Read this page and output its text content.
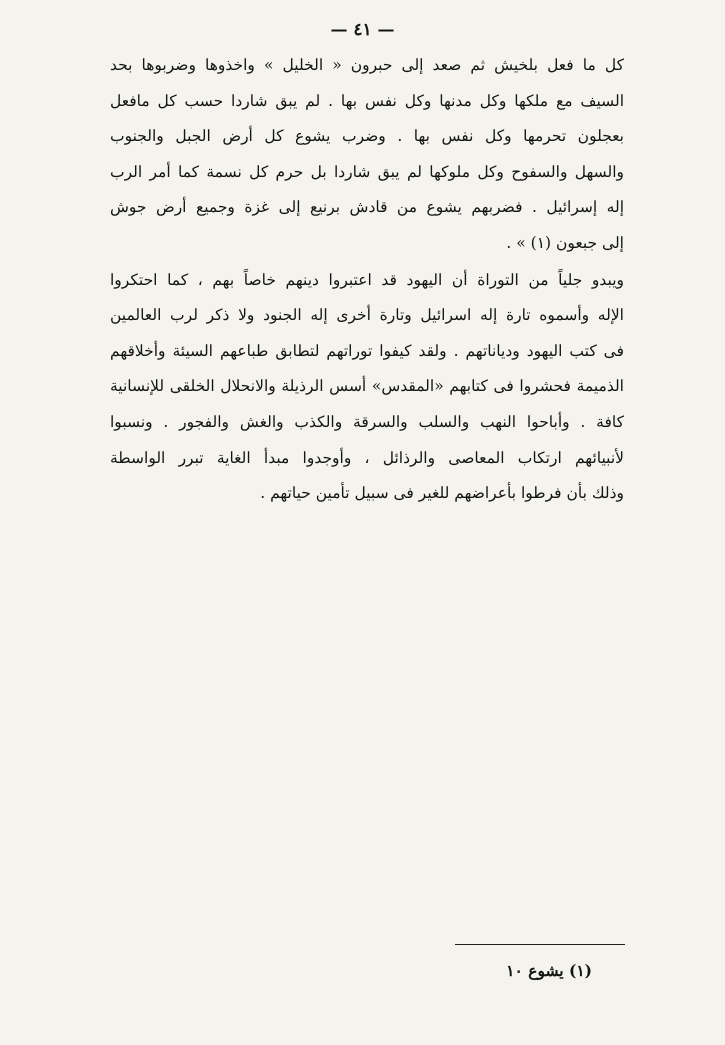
— ٤١ —
كل ما فعل بلخيش ثم صعد إلى حبرون « الخليل » واخذوها وضربوها بحد
السيف مع ملكها وكل مدنها وكل نفس بها . لم يبق شاردا حسب كل مافعل
بعجلون تحرمها وكل نفس بها . وضرب يشوع كل أرض الجبل والجنوب
والسهل والسفوح وكل ملوكها لم يبق شاردا بل حرم كل نسمة كما أمر الرب
إله إسرائيل . فضربهم يشوع من قادش برنيع إلى غزة وجميع أرض جوش
إلى جبعون (١) » .
ويبدو جلياً من التوراة أن اليهود قد اعتبروا دينهم خاصاً بهم ، كما احتكروا
الإله وأسموه تارة إله اسرائيل وتارة أخرى إله الجنود ولا ذكر لرب العالمين
فى كتب اليهود ودياناتهم . ولقد كيفوا توراتهم لتطابق طباعهم السيئة وأخلاقهم
الذميمة فحشروا فى كتابهم «المقدس» أسس الرذيلة والانحلال الخلقى للإنسانية
كافة . وأباحوا النهب والسلب والسرقة والكذب والغش والفجور . ونسبوا
لأنبيائهم ارتكاب المعاصى والرذائل ، وأوجدوا مبدأ الغاية تبرر الواسطة
وذلك بأن فرطوا بأعراضهم للغير فى سبيل تأمين حياتهم .
(١) يشوع ١٠
